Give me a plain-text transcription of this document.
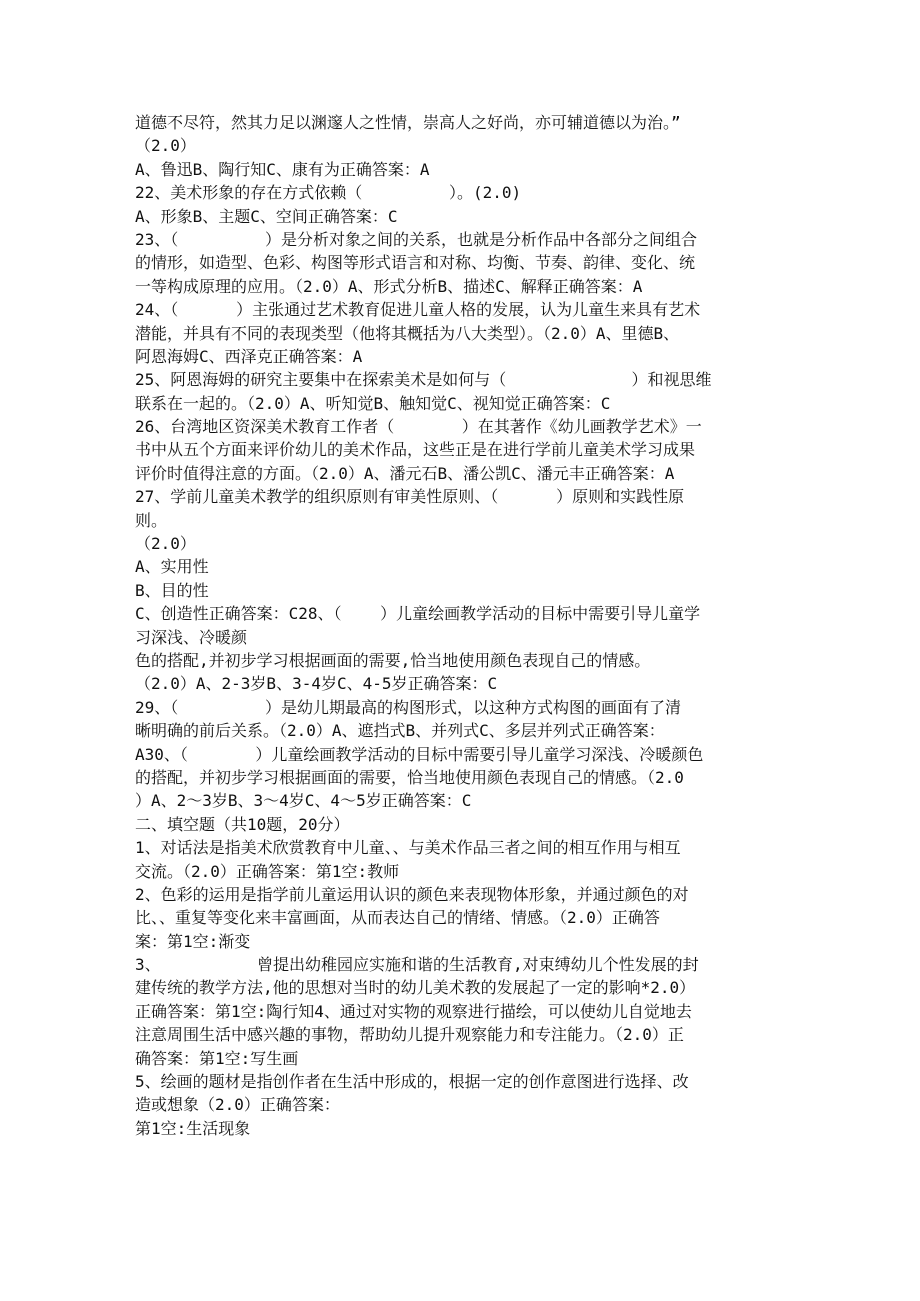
道德不尽符，然其力足以渊邃人之性情，崇高人之好尚，亦可辅道德以为治。”
（2.0）
A、鲁迅B、陶行知C、康有为正确答案：A
22、美术形象的存在方式依赖（         ）。(2.0)
A、形象B、主题C、空间正确答案：C
23、（         ）是分析对象之间的关系，也就是分析作品中各部分之间组合
的情形，如造型、色彩、构图等形式语言和对称、均衡、节奏、韵律、变化、统
一等构成原理的应用。（2.0）A、形式分析B、描述C、解释正确答案：A
24、（      ）主张通过艺术教育促进儿童人格的发展，认为儿童生来具有艺术
潜能，并具有不同的表现类型（他将其概括为八大类型）。（2.0）A、里德B、
阿恩海姆C、西泽克正确答案：A
25、阿恩海姆的研究主要集中在探索美术是如何与（             ）和视思维
联系在一起的。（2.0）A、听知觉B、触知觉C、视知觉正确答案：C
26、台湾地区资深美术教育工作者（       ）在其著作《幼儿画教学艺术》一
书中从五个方面来评价幼儿的美术作品，这些正是在进行学前儿童美术学习成果
评价时值得注意的方面。（2.0）A、潘元石B、潘公凯C、潘元丰正确答案：A
27、学前儿童美术教学的组织原则有审美性原则、（      ）原则和实践性原
则。
（2.0）
A、实用性
B、目的性
C、创造性正确答案：C28、（    ）儿童绘画教学活动的目标中需要引导儿童学
习深浅、冷暖颜
色的搭配,并初步学习根据画面的需要,恰当地使用颜色表现自己的情感。
（2.0）A、2-3岁B、3-4岁C、4-5岁正确答案：C
29、（         ）是幼儿期最高的构图形式，以这种方式构图的画面有了清
晰明确的前后关系。（2.0）A、遮挡式B、并列式C、多层并列式正确答案：
A30、（       ）儿童绘画教学活动的目标中需要引导儿童学习深浅、冷暖颜色
的搭配，并初步学习根据画面的需要，恰当地使用颜色表现自己的情感。（2.0
）A、2～3岁B、3～4岁C、4～5岁正确答案：C
二、填空题（共10题，20分）
1、对话法是指美术欣赏教育中儿童、、与美术作品三者之间的相互作用与相互
交流。（2.0）正确答案：第1空:教师
2、色彩的运用是指学前儿童运用认识的颜色来表现物体形象，并通过颜色的对
比、、重复等变化来丰富画面，从而表达自己的情绪、情感。（2.0）正确答
案：第1空:渐变
3、          曾提出幼稚园应实施和谐的生活教育,对束缚幼儿个性发展的封
建传统的教学方法,他的思想对当时的幼儿美术教的发展起了一定的影响*2.0）
正确答案：第1空:陶行知4、通过对实物的观察进行描绘，可以使幼儿自觉地去
注意周围生活中感兴趣的事物，帮助幼儿提升观察能力和专注能力。（2.0）正
确答案：第1空:写生画
5、绘画的题材是指创作者在生活中形成的，根据一定的创作意图进行选择、改
造或想象（2.0）正确答案：
第1空:生活现象
